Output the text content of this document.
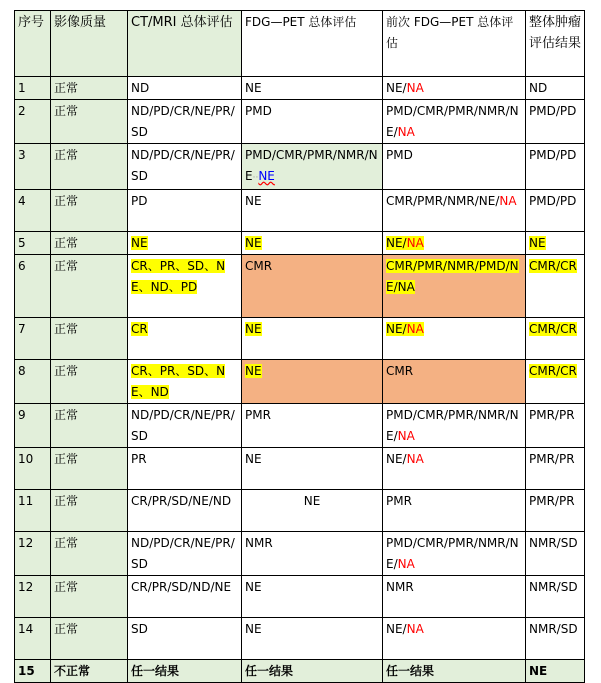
序号	影像质量	CT/MRI 总体评估	FDG—PET 总体评估	前次 FDG—PET 总体评估	整体肿瘤评估结果
1	正常	ND	NE	NE/NA	ND
2	正常	ND/PD/CR/NE/PR/SD	PMD	PMD/CMR/PMR/NMR/NE/NA	PMD/PD
3	正常	ND/PD/CR/NE/PR/SD	PMD/CMR/PMR/NMR/NE··NE	PMD	PMD/PD
4	正常	PD	NE	CMR/PMR/NMR/NE/NA	PMD/PD
5	正常	NE	NE	NE/NA	NE
6	正常	CR、PR、SD、NE、ND、PD	CMR	CMR/PMR/NMR/PMD/NE/NA	CMR/CR
7	正常	CR	NE	NE/NA	CMR/CR
8	正常	CR、PR、SD、NE、ND	NE	CMR	CMR/CR
9	正常	ND/PD/CR/NE/PR/SD	PMR	PMD/CMR/PMR/NMR/NE/NA	PMR/PR
10	正常	PR	NE	NE/NA	PMR/PR
11	正常	CR/PR/SD/NE/ND	NE	PMR	PMR/PR
12	正常	ND/PD/CR/NE/PR/SD	NMR	PMD/CMR/PMR/NMR/NE/NA	NMR/SD
12	正常	CR/PR/SD/ND/NE	NE	NMR	NMR/SD
14	正常	SD	NE	NE/NA	NMR/SD
15	不正常	任一结果	任一结果	任一结果	NE
